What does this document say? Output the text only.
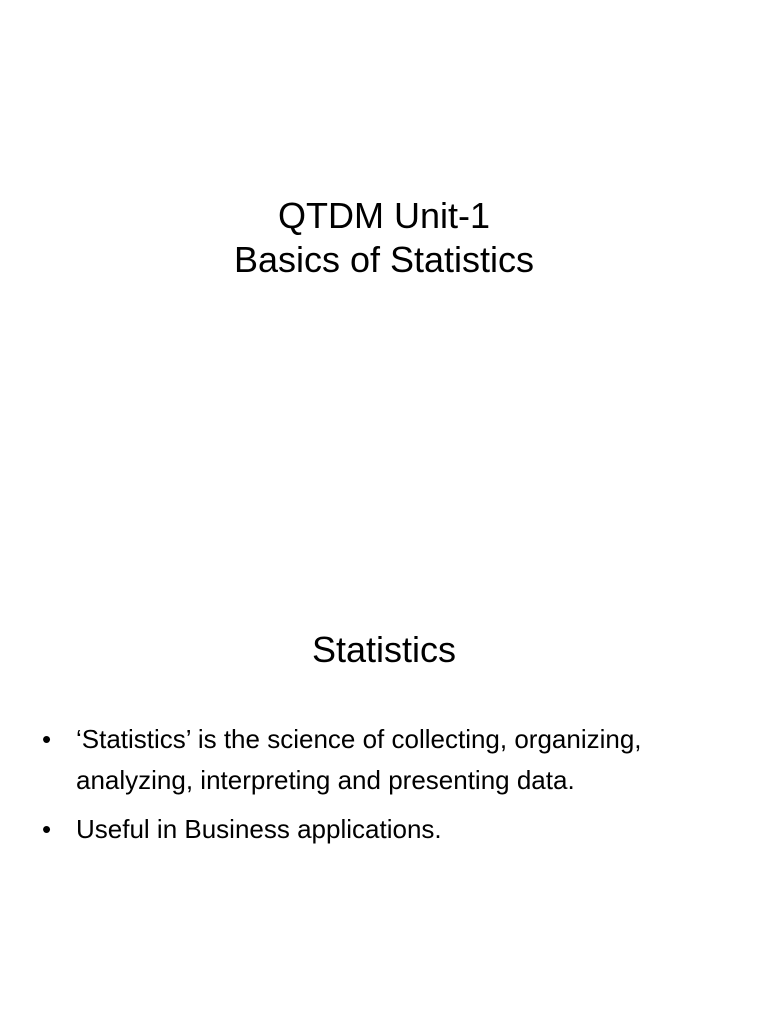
QTDM Unit-1
Basics of Statistics
Statistics
• ‘Statistics’ is the science of collecting, organizing, analyzing, interpreting and presenting data.
• Useful in Business applications.
